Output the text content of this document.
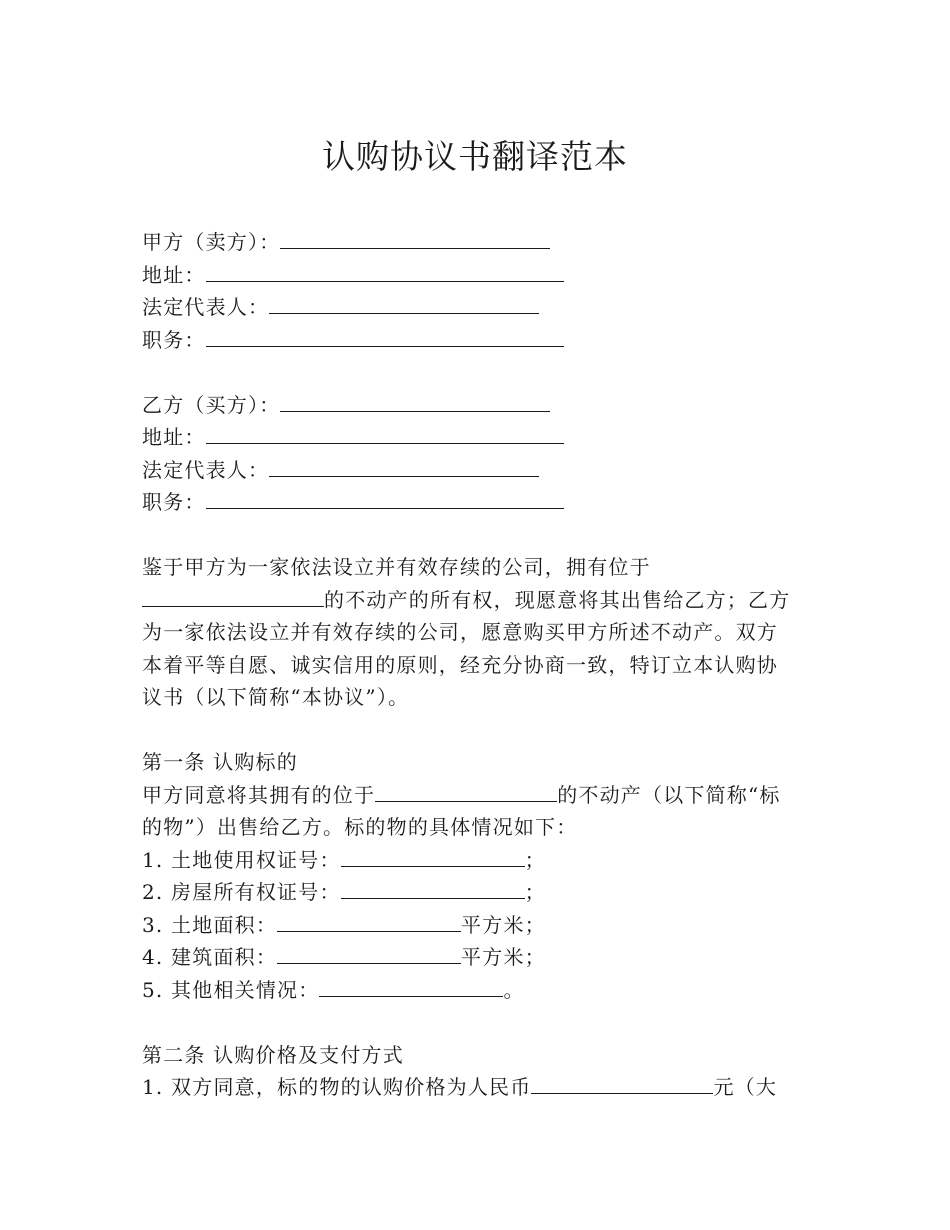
认购协议书翻译范本
甲方（卖方）：
地址：
法定代表人：
职务：
乙方（买方）：
地址：
法定代表人：
职务：
鉴于甲方为一家依法设立并有效存续的公司，拥有位于
的不动产的所有权，现愿意将其出售给乙方；乙方
为一家依法设立并有效存续的公司，愿意购买甲方所述不动产。双方
本着平等自愿、诚实信用的原则，经充分协商一致，特订立本认购协
议书（以下简称“本协议”）。
第一条 认购标的
甲方同意将其拥有的位于	的不动产（以下简称“标
的物”）出售给乙方。标的物的具体情况如下：
1. 土地使用权证号：	；
2. 房屋所有权证号：	；
3. 土地面积：	平方米；
4. 建筑面积：	平方米；
5. 其他相关情况：	。
第二条 认购价格及支付方式
1. 双方同意，标的物的认购价格为人民币	元（大
